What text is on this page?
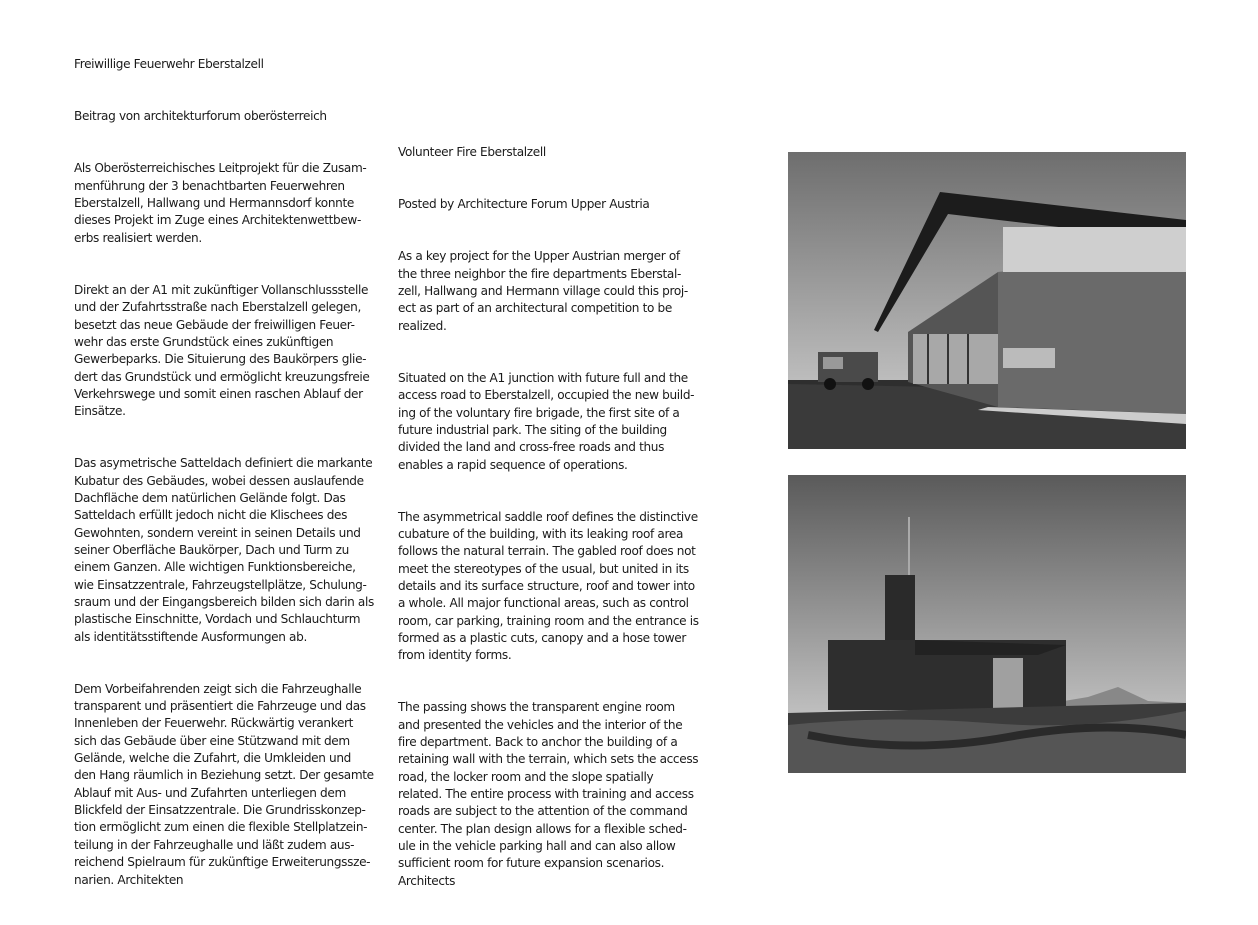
Freiwillige Feuerwehr Eberstalzell

Beitrag von architekturforum oberösterreich

Als Oberösterreichisches Leitprojekt für die Zusam-
menführung der 3 benachtbarten Feuerwehren
Eberstalzell, Hallwang und Hermannsdorf konnte
dieses Projekt im Zuge eines Architektenwettbew-
erbs realisiert werden.

Direkt an der A1 mit zukünftiger Vollanschlussstelle
und der Zufahrtsstraße nach Eberstalzell gelegen,
besetzt das neue Gebäude der freiwilligen Feuer-
wehr das erste Grundstück eines zukünftigen
Gewerbeparks. Die Situierung des Baukörpers glie-
dert das Grundstück und ermöglicht kreuzungsfreie
Verkehrswege und somit einen raschen Ablauf der
Einsätze.

Das asymetrische Satteldach definiert die markante
Kubatur des Gebäudes, wobei dessen auslaufende
Dachfläche dem natürlichen Gelände folgt. Das
Satteldach erfüllt jedoch nicht die Klischees des
Gewohnten, sondern vereint in seinen Details und
seiner Oberfläche Baukörper, Dach und Turm zu
einem Ganzen. Alle wichtigen Funktionsbereiche,
wie Einsatzzentrale, Fahrzeugstellplätze, Schulung-
sraum und der Eingangsbereich bilden sich darin als
plastische Einschnitte, Vordach und Schlauchturm
als identitätsstiftende Ausformungen ab.

Dem Vorbeifahrenden zeigt sich die Fahrzeughalle
transparent und präsentiert die Fahrzeuge und das
Innenleben der Feuerwehr. Rückwärtig verankert
sich das Gebäude über eine Stützwand mit dem
Gelände, welche die Zufahrt, die Umkleiden und
den Hang räumlich in Beziehung setzt. Der gesamte
Ablauf mit Aus- und Zufahrten unterliegen dem
Blickfeld der Einsatzzentrale. Die Grundrisskonzep-
tion ermöglicht zum einen die flexible Stellplatzein-
teilung in der Fahrzeughalle und läßt zudem aus-
reichend Spielraum für zukünftige Erweiterungssze-
narien. Architekten

Volunteer Fire Eberstalzell

Posted by Architecture Forum Upper Austria

As a key project for the Upper Austrian merger of
the three neighbor the fire departments Eberstal-
zell, Hallwang and Hermann village could this proj-
ect as part of an architectural competition to be
realized.

Situated on the A1 junction with future full and the
access road to Eberstalzell, occupied the new build-
ing of the voluntary fire brigade, the first site of a
future industrial park. The siting of the building
divided the land and cross-free roads and thus
enables a rapid sequence of operations.

The asymmetrical saddle roof defines the distinctive
cubature of the building, with its leaking roof area
follows the natural terrain. The gabled roof does not
meet the stereotypes of the usual, but united in its
details and its surface structure, roof and tower into
a whole. All major functional areas, such as control
room, car parking, training room and the entrance is
formed as a plastic cuts, canopy and a hose tower
from identity forms.

The passing shows the transparent engine room
and presented the vehicles and the interior of the
fire department. Back to anchor the building of a
retaining wall with the terrain, which sets the access
road, the locker room and the slope spatially
related. The entire process with training and access
roads are subject to the attention of the command
center. The plan design allows for a flexible sched-
ule in the vehicle parking hall and can also allow
sufficient room for future expansion scenarios.
Architects
